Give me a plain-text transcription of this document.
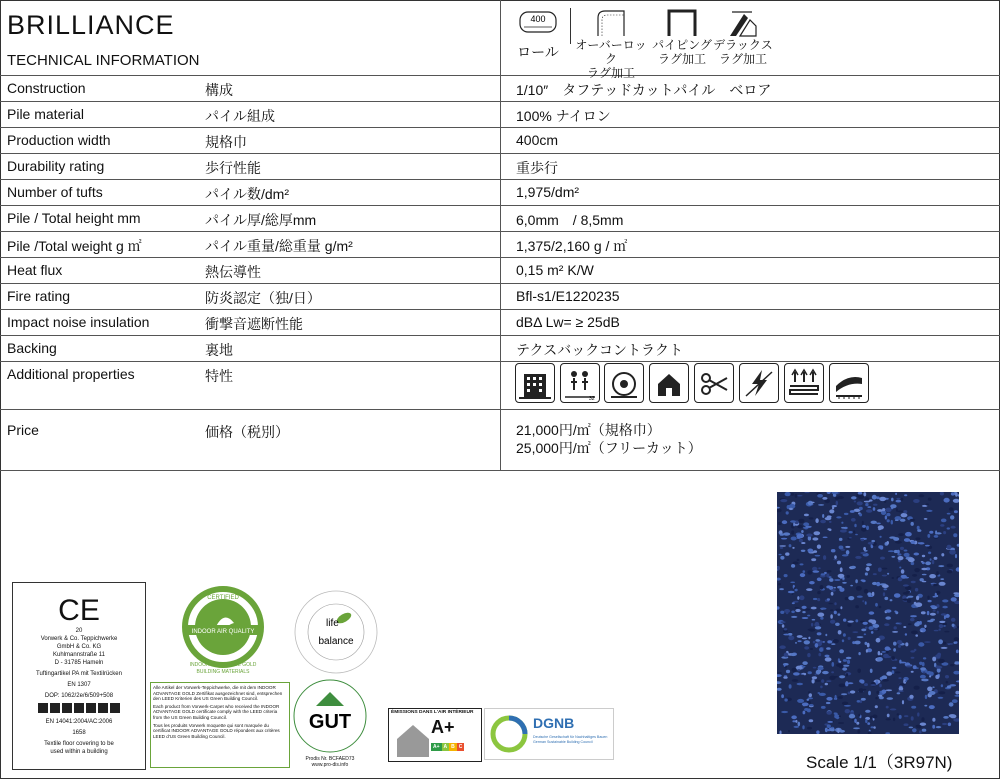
BRILLIANCE
TECHNICAL INFORMATION
400
ロール	オーバーロック
ラグ加工
パイピング
ラグ加工
デラックス
ラグ加工
Construction	構成	1/10″　タフテッドカットパイル　ベロア
Pile material	パイル組成	100% ナイロン
Production width	規格巾	400cm
Durability rating	歩行性能	重歩行
Number of tufts	パイル数/dm²	1,975/dm²
Pile / Total height mm	パイル厚/総厚mm	6,0mm　/ 8,5mm
Pile /Total weight g ㎡	パイル重量/総重量 g/m²	1,375/2,160 g / ㎡
Heat flux	熱伝導性	0,15 m² K/W
Fire rating	防炎認定（独/日）	Bfl-s1/E1220235
Impact noise insulation	衝撃音遮断性能	dBΔ Lw= ≥ 25dB
Backing	裏地	テクスバックコントラクト
Additional properties	特性
32
Price	価格（税別）	21,000円/㎡（規格巾）
25,000円/㎡（フリーカット）
Scale 1/1（3R97N)
CE
20
Vorwerk & Co. Teppichwerke
GmbH & Co. KG
Kuhlmannstraße 11
D - 31785 Hameln
Tuftingartikel PA mit Textilrücken
EN 1307
DOP: 1062/2e/6/509+508
EN 14041:2004/AC:2006
1658
Textile floor covering to be
used within a building
INDOOR AIR QUALITY
CERTIFIED
INDOOR ADVANTAGE GOLD
BUILDING MATERIALS
Alle Artikel der Vorwerk-Teppichwerke, die mit dem INDOOR ADVANTAGE GOLD Zertifikat ausgezeichnet sind, entsprechen den LEED Kriterien des US Green Building Council.
Each product from Vorwerk-Carpet who received the INDOOR ADVANTAGE GOLD certificate comply with the LEED criteria from the US Green Building Council.
Tous les produits Vorwerk moquette qui sont marquée du certificat INDOOR ADVANTAGE GOLD répondent aux critères LEED d'US Green Building Council.
life
balance
GUT
Prodis Nr. BCFAED73
www.pro-dis.info
ÉMISSIONS DANS L'AIR INTÉRIEUR
A+
A+ A B C
DGNB
Deutsche Gesellschaft für Nachhaltiges Bauen
German Sustainable Building Council
